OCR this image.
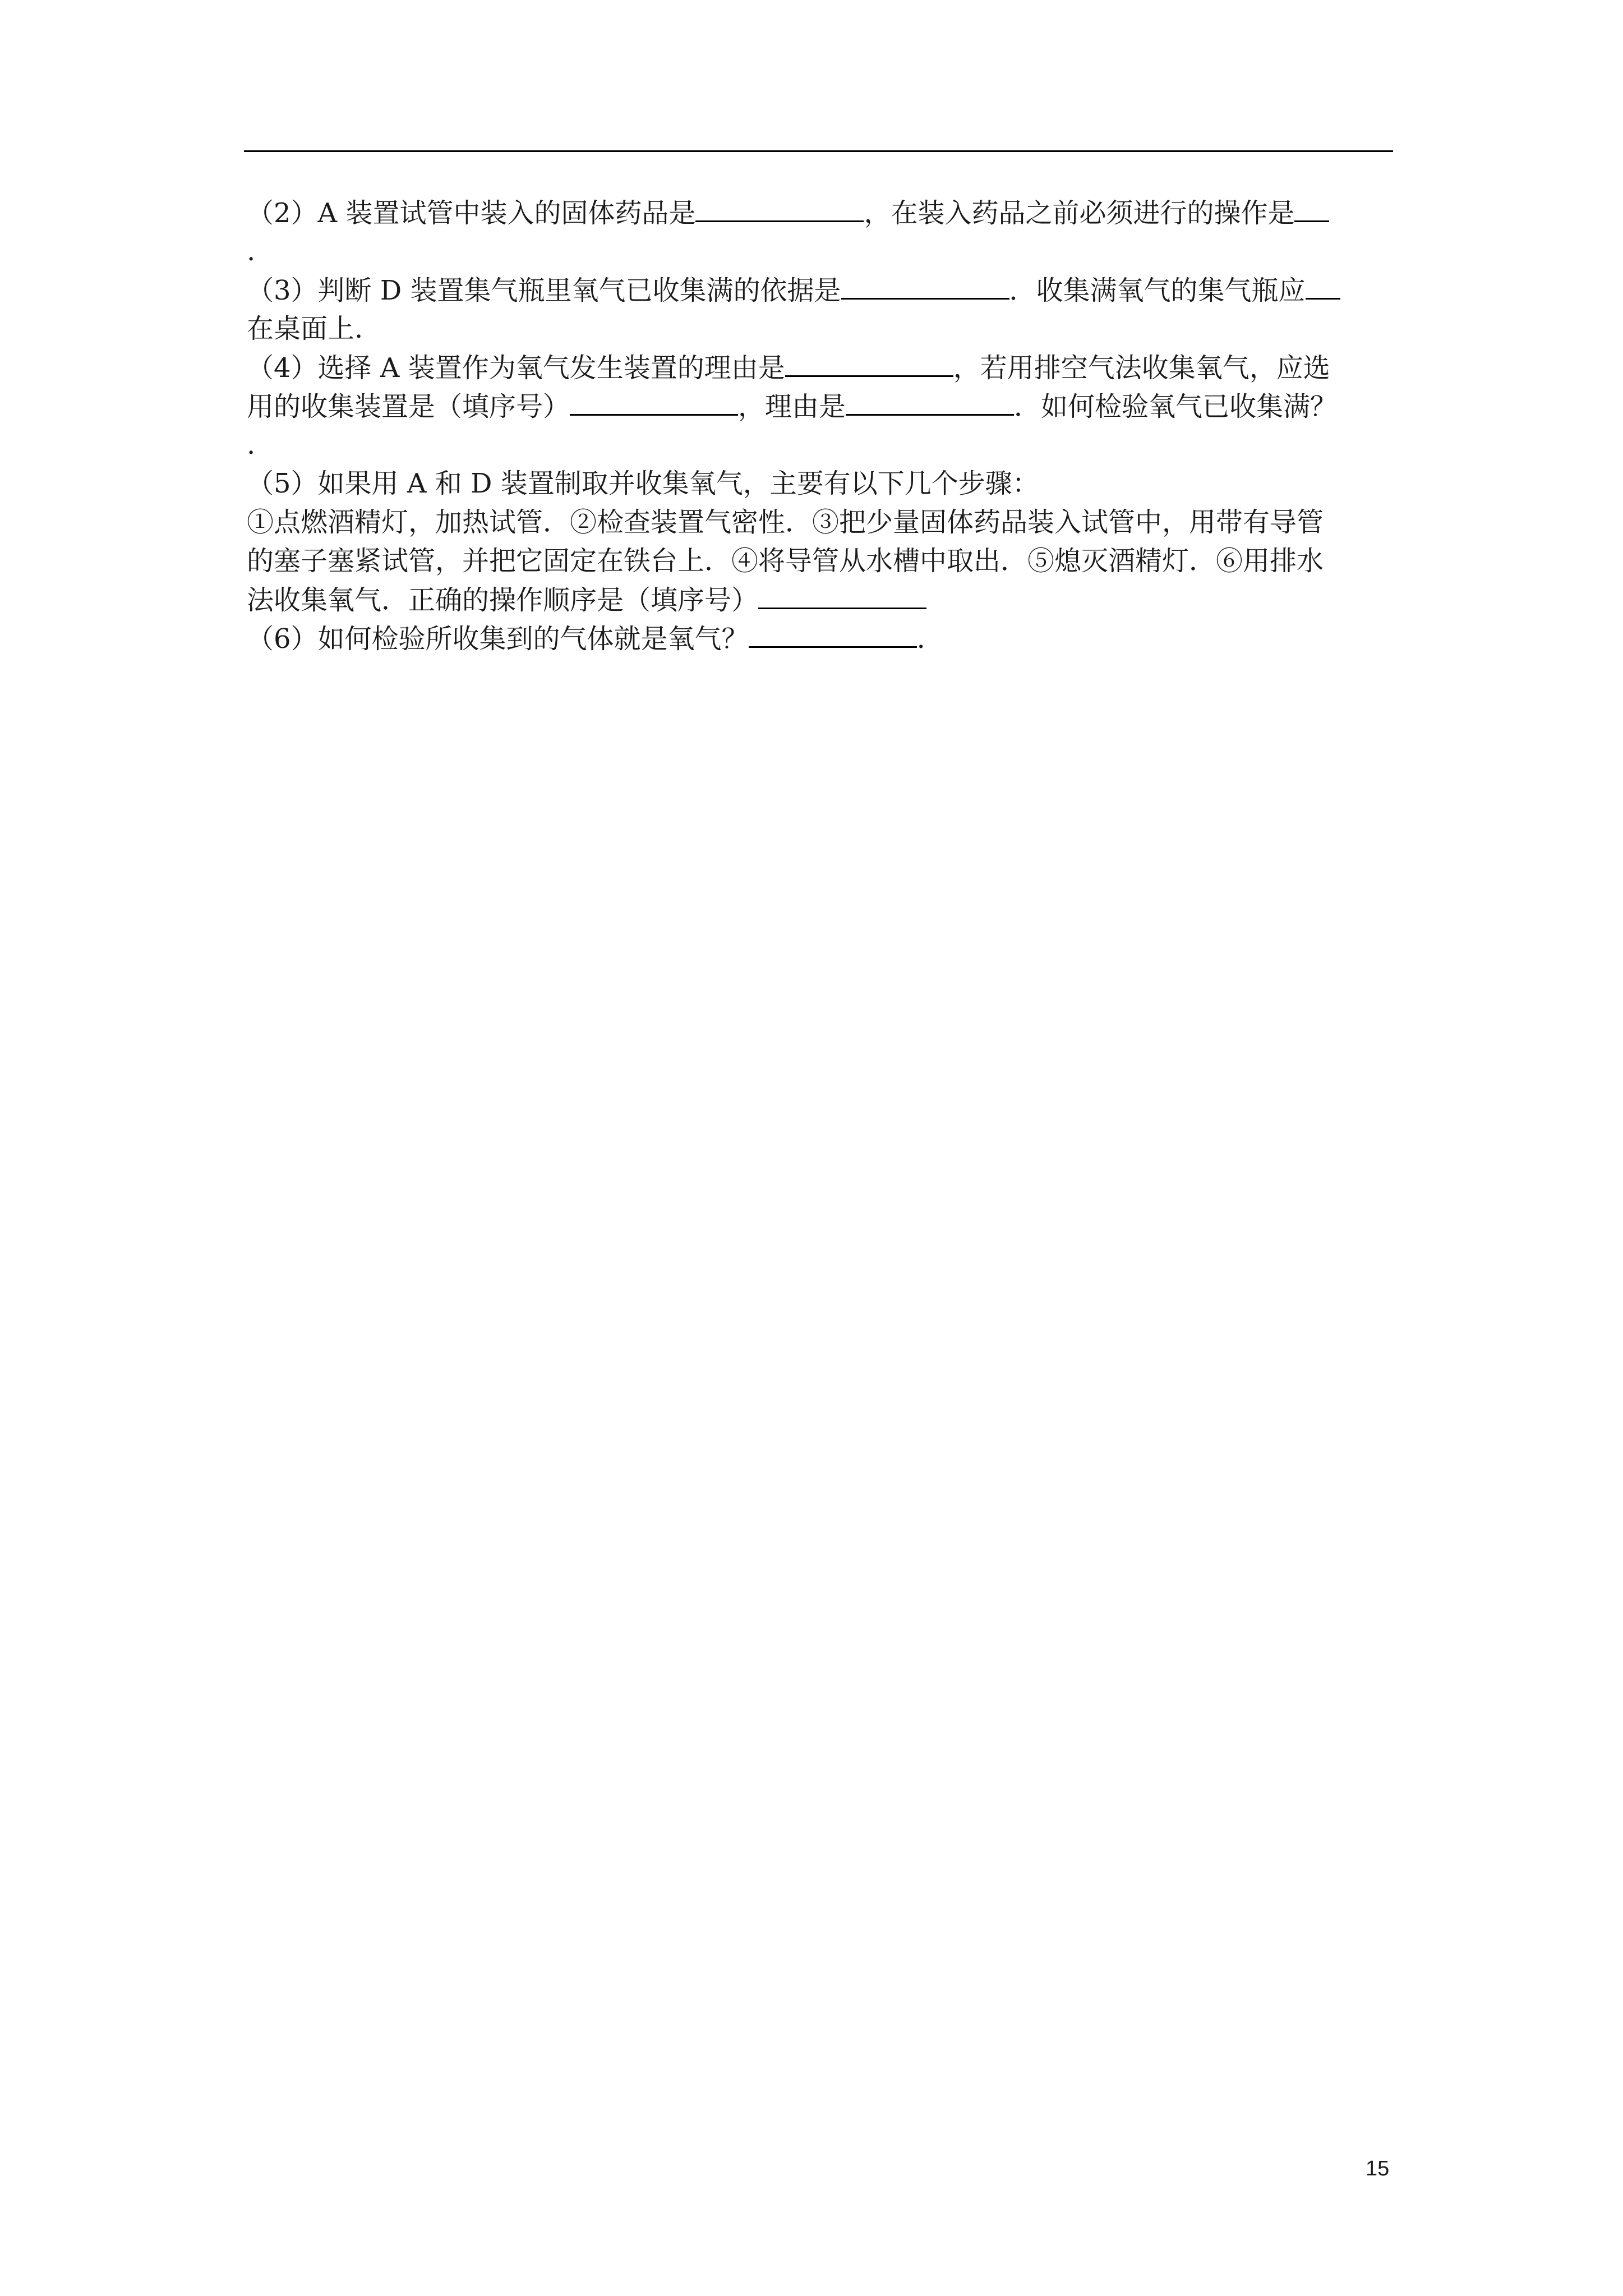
（2）A 装置试管中装入的固体药品是	，在装入药品之前必须进行的操作是
.
（3）判断 D 装置集气瓶里氧气已收集满的依据是	．收集满氧气的集气瓶应
在桌面上.
（4）选择 A 装置作为氧气发生装置的理由是	，若用排空气法收集氧气，应选
用的收集装置是（填序号）	，理由是	．如何检验氧气已收集满？
.
（5）如果用 A 和 D 装置制取并收集氧气，主要有以下几个步骤：
①点燃酒精灯，加热试管．②检查装置气密性．③把少量固体药品装入试管中，用带有导管
的塞子塞紧试管，并把它固定在铁台上．④将导管从水槽中取出．⑤熄灭酒精灯．⑥用排水
法收集氧气．正确的操作顺序是（填序号）
（6）如何检验所收集到的气体就是氧气？	.
15
